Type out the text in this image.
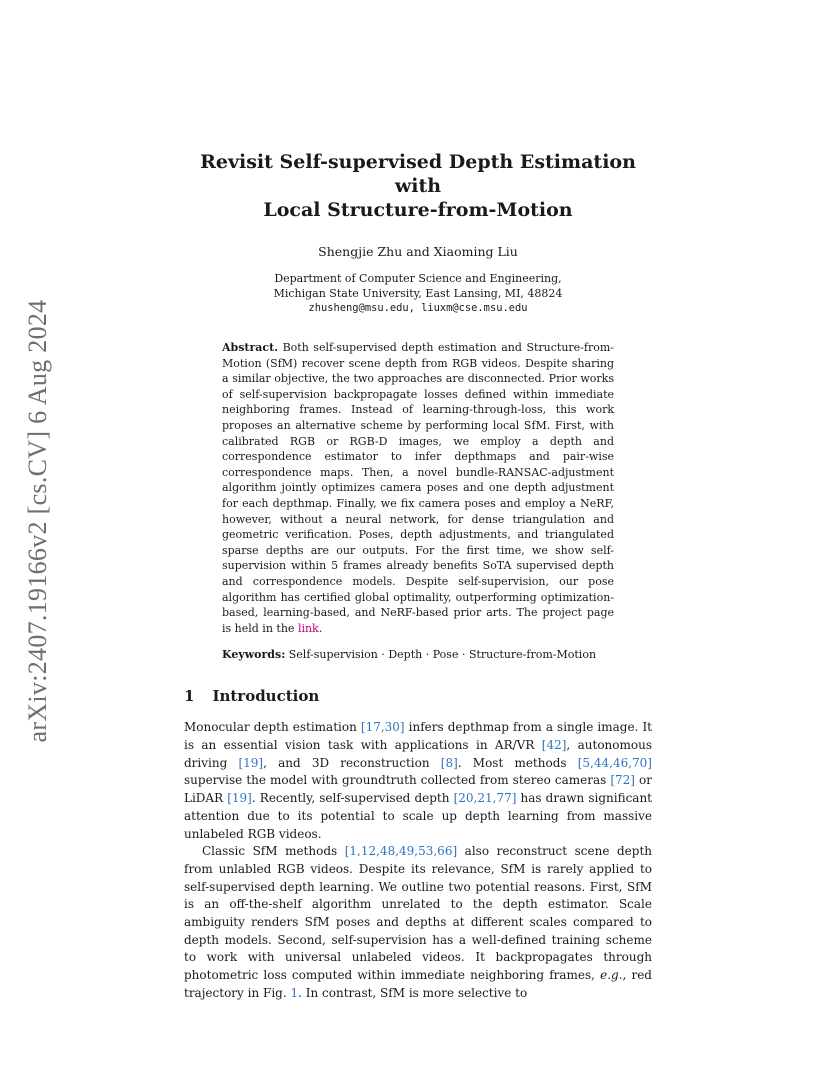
arXiv:2407.19166v2 [cs.CV] 6 Aug 2024
Revisit Self-supervised Depth Estimation with
Local Structure-from-Motion
Shengjie Zhu and Xiaoming Liu
Department of Computer Science and Engineering,
Michigan State University, East Lansing, MI, 48824
zhusheng@msu.edu, liuxm@cse.msu.edu
Abstract. Both self-supervised depth estimation and Structure-from-Motion (SfM) recover scene depth from RGB videos. Despite sharing a similar objective, the two approaches are disconnected. Prior works of self-supervision backpropagate losses defined within immediate neighboring frames. Instead of learning-through-loss, this work proposes an alternative scheme by performing local SfM. First, with calibrated RGB or RGB-D images, we employ a depth and correspondence estimator to infer depthmaps and pair-wise correspondence maps. Then, a novel bundle-RANSAC-adjustment algorithm jointly optimizes camera poses and one depth adjustment for each depthmap. Finally, we fix camera poses and employ a NeRF, however, without a neural network, for dense triangulation and geometric verification. Poses, depth adjustments, and triangulated sparse depths are our outputs. For the first time, we show self-supervision within 5 frames already benefits SoTA supervised depth and correspondence models. Despite self-supervision, our pose algorithm has certified global optimality, outperforming optimization-based, learning-based, and NeRF-based prior arts. The project page is held in the link.
Keywords: Self-supervision · Depth · Pose · Structure-from-Motion
1 Introduction

Monocular depth estimation [17,30] infers depthmap from a single image. It is an essential vision task with applications in AR/VR [42], autonomous driving [19], and 3D reconstruction [8]. Most methods [5,44,46,70] supervise the model with groundtruth collected from stereo cameras [72] or LiDAR [19]. Recently, self-supervised depth [20,21,77] has drawn significant attention due to its potential to scale up depth learning from massive unlabeled RGB videos.

Classic SfM methods [1,12,48,49,53,66] also reconstruct scene depth from unlabled RGB videos. Despite its relevance, SfM is rarely applied to self-supervised depth learning. We outline two potential reasons. First, SfM is an off-the-shelf algorithm unrelated to the depth estimator. Scale ambiguity renders SfM poses and depths at different scales compared to depth models. Second, self-supervision has a well-defined training scheme to work with universal unlabeled videos. It backpropagates through photometric loss computed within immediate neighboring frames, e.g., red trajectory in Fig. 1. In contrast, SfM is more selective to
